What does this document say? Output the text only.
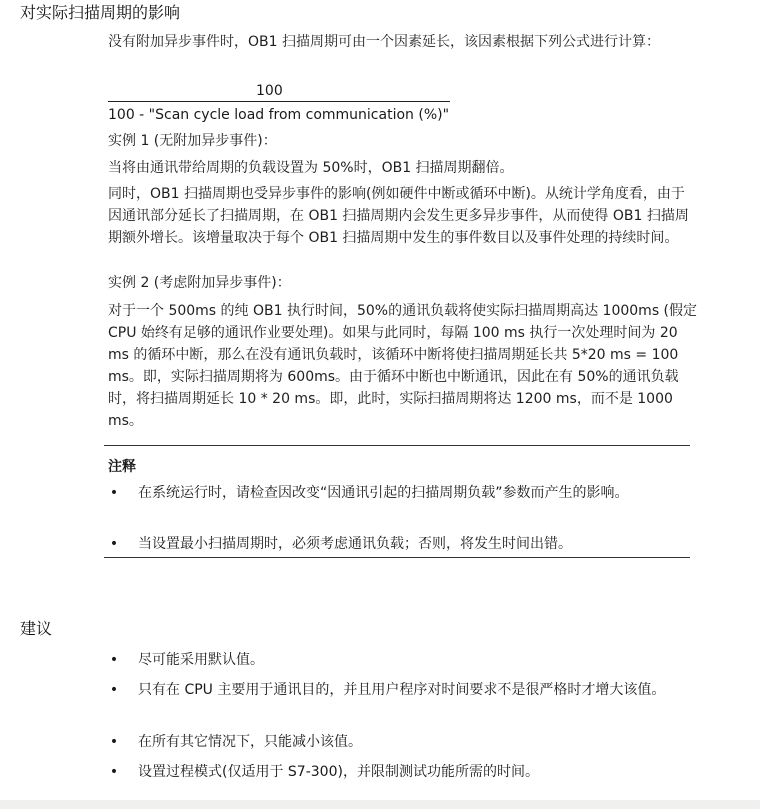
对实际扫描周期的影响
没有附加异步事件时，OB1 扫描周期可由一个因素延长，该因素根据下列公式进行计算：
100
100 - "Scan cycle load from communication (%)"
实例 1 (无附加异步事件)：
当将由通讯带给周期的负载设置为 50%时，OB1 扫描周期翻倍。
同时，OB1 扫描周期也受异步事件的影响(例如硬件中断或循环中断)。从统计学角度看，由于因通讯部分延长了扫描周期，在 OB1 扫描周期内会发生更多异步事件，从而使得 OB1 扫描周期额外增长。该增量取决于每个 OB1 扫描周期中发生的事件数目以及事件处理的持续时间。
实例 2 (考虑附加异步事件)：
对于一个 500ms 的纯 OB1 执行时间，50%的通讯负载将使实际扫描周期高达 1000ms (假定 CPU 始终有足够的通讯作业要处理)。如果与此同时，每隔 100 ms 执行一次处理时间为 20 ms 的循环中断，那么在没有通讯负载时，该循环中断将使扫描周期延长共 5*20 ms = 100 ms。即，实际扫描周期将为 600ms。由于循环中断也中断通讯，因此在有 50%的通讯负载时，将扫描周期延长 10 * 20 ms。即，此时，实际扫描周期将达 1200 ms，而不是 1000 ms。
注释
• 在系统运行时，请检查因改变“因通讯引起的扫描周期负载”参数而产生的影响。
• 当设置最小扫描周期时，必须考虑通讯负载；否则，将发生时间出错。
建议
• 尽可能采用默认值。
• 只有在 CPU 主要用于通讯目的，并且用户程序对时间要求不是很严格时才增大该值。
• 在所有其它情况下，只能减小该值。
• 设置过程模式(仅适用于 S7-300)，并限制测试功能所需的时间。
